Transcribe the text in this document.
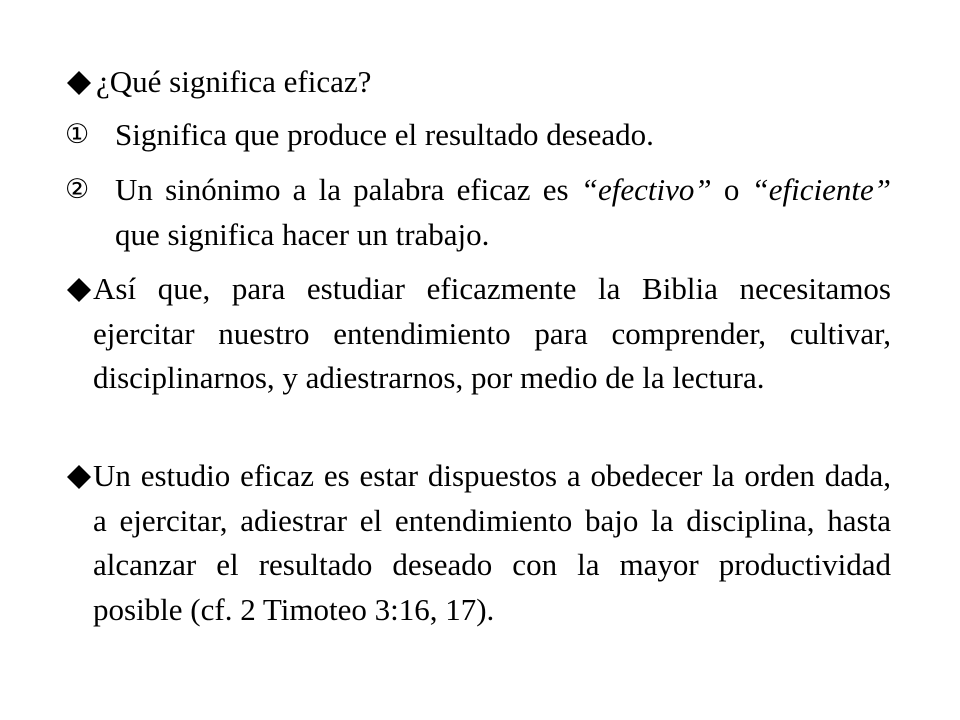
¿Qué significa eficaz?
① Significa que produce el resultado deseado.
② Un sinónimo a la palabra eficaz es “efectivo” o “eficiente” que significa hacer un trabajo.
Así que, para estudiar eficazmente la Biblia necesitamos ejercitar nuestro entendimiento para comprender, cultivar, disciplinarnos, y adiestrarnos, por medio de la lectura.
Un estudio eficaz es estar dispuestos a obedecer la orden dada, a ejercitar, adiestrar el entendimiento bajo la disciplina, hasta alcanzar el resultado deseado con la mayor productividad posible (cf. 2 Timoteo 3:16, 17).
